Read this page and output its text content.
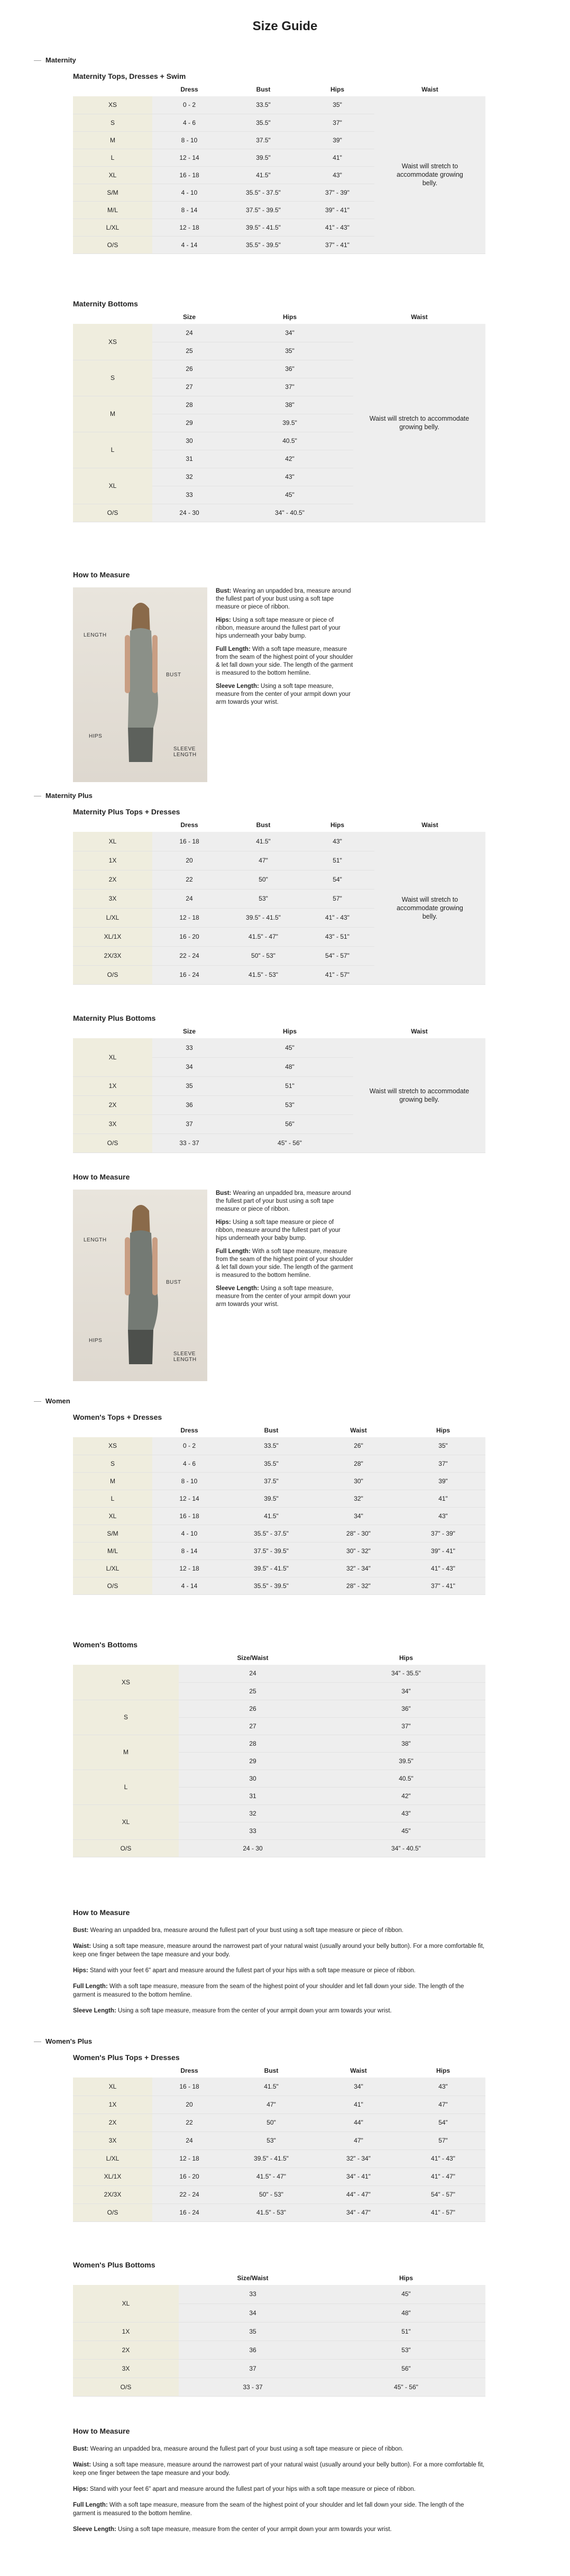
Size Guide
Maternity
Maternity Tops, Dresses + Swim
	Dress	Bust	Hips	Waist
XS	0 - 2	33.5"	35"	Waist will stretch to accommodate growing belly.
S	4 - 6	35.5"	37"	
M	8 - 10	37.5"	39"	
L	12 - 14	39.5"	41"	
XL	16 - 18	41.5"	43"	
S/M	4 - 10	35.5" - 37.5"	37" - 39"	
M/L	8 - 14	37.5" - 39.5"	39" - 41"	
L/XL	12 - 18	39.5" - 41.5"	41" - 43"	
O/S	4 - 14	35.5" - 39.5"	37" - 41"	
Maternity Bottoms
	Size	Hips	Waist
XS	24	34"	Waist will stretch to accommodate growing belly.
	25	35"	
S	26	36"	
	27	37"	
M	28	38"	
	29	39.5"	
L	30	40.5"	
	31	42"	
XL	32	43"	
	33	45"	
O/S	24 - 30	34" - 40.5"	
How to Measure
LENGTH
BUST
HIPS
SLEEVE LENGTH

Bust: Wearing an unpadded bra, measure around the fullest part of your bust using a soft tape measure or piece of ribbon.

Hips: Using a soft tape measure or piece of ribbon, measure around the fullest part of your hips underneath your baby bump.

Full Length: With a soft tape measure, measure from the seam of the highest point of your shoulder & let fall down your side. The length of the garment is measured to the bottom hemline.

Sleeve Length: Using a soft tape measure, measure from the center of your armpit down your arm towards your wrist.

Maternity Plus
Maternity Plus Tops + Dresses
	Dress	Bust	Hips	Waist
XL	16 - 18	41.5"	43"	Waist will stretch to accommodate growing belly.
1X	20	47"	51"	
2X	22	50"	54"	
3X	24	53"	57"	
L/XL	12 - 18	39.5" - 41.5"	41" - 43"	
XL/1X	16 - 20	41.5" - 47"	43" - 51"	
2X/3X	22 - 24	50" - 53"	54" - 57"	
O/S	16 - 24	41.5" - 53"	41" - 57"	
Maternity Plus Bottoms
	Size	Hips	Waist
XL	33	45"	Waist will stretch to accommodate growing belly.
	34	48"	
1X	35	51"	
2X	36	53"	
3X	37	56"	
O/S	33 - 37	45" - 56"	
How to Measure
LENGTH
BUST
HIPS
SLEEVE LENGTH

Bust: Wearing an unpadded bra, measure around the fullest part of your bust using a soft tape measure or piece of ribbon.

Hips: Using a soft tape measure or piece of ribbon, measure around the fullest part of your hips underneath your baby bump.

Full Length: With a soft tape measure, measure from the seam of the highest point of your shoulder & let fall down your side. The length of the garment is measured to the bottom hemline.

Sleeve Length: Using a soft tape measure, measure from the center of your armpit down your arm towards your wrist.

Women
Women's Tops + Dresses
	Dress	Bust	Waist	Hips
XS	0 - 2	33.5"	26"	35"
S	4 - 6	35.5"	28"	37"
M	8 - 10	37.5"	30"	39"
L	12 - 14	39.5"	32"	41"
XL	16 - 18	41.5"	34"	43"
S/M	4 - 10	35.5" - 37.5"	28" - 30"	37" - 39"
M/L	8 - 14	37.5" - 39.5"	30" - 32"	39" - 41"
L/XL	12 - 18	39.5" - 41.5"	32" - 34"	41" - 43"
O/S	4 - 14	35.5" - 39.5"	28" - 32"	37" - 41"
Women's Bottoms
	Size/Waist	Hips
XS	24	34" - 35.5"
	25	34"
S	26	36"
	27	37"
M	28	38"
	29	39.5"
L	30	40.5"
	31	42"
XL	32	43"
	33	45"
O/S	24 - 30	34" - 40.5"
How to Measure

Bust: Wearing an unpadded bra, measure around the fullest part of your bust using a soft tape measure or piece of ribbon.

Waist: Using a soft tape measure, measure around the narrowest part of your natural waist (usually around your belly button). For a more comfortable fit, keep one finger between the tape measure and your body.

Hips: Stand with your feet 6" apart and measure around the fullest part of your hips with a soft tape measure or piece of ribbon.

Full Length: With a soft tape measure, measure from the seam of the highest point of your shoulder and let fall down your side. The length of the garment is measured to the bottom hemline.

Sleeve Length: Using a soft tape measure, measure from the center of your armpit down your arm towards your wrist.

Women's Plus
Women's Plus Tops + Dresses
	Dress	Bust	Waist	Hips
XL	16 - 18	41.5"	34"	43"
1X	20	47"	41"	47"
2X	22	50"	44"	54"
3X	24	53"	47"	57"
L/XL	12 - 18	39.5" - 41.5"	32" - 34"	41" - 43"
XL/1X	16 - 20	41.5" - 47"	34" - 41"	41" - 47"
2X/3X	22 - 24	50" - 53"	44" - 47"	54" - 57"
O/S	16 - 24	41.5" - 53"	34" - 47"	41" - 57"
Women's Plus Bottoms
	Size/Waist	Hips
XL	33	45"
	34	48"
1X	35	51"
2X	36	53"
3X	37	56"
O/S	33 - 37	45" - 56"
How to Measure

Bust: Wearing an unpadded bra, measure around the fullest part of your bust using a soft tape measure or piece of ribbon.

Waist: Using a soft tape measure, measure around the narrowest part of your natural waist (usually around your belly button). For a more comfortable fit, keep one finger between the tape measure and your body.

Hips: Stand with your feet 6" apart and measure around the fullest part of your hips with a soft tape measure or piece of ribbon.

Full Length: With a soft tape measure, measure from the seam of the highest point of your shoulder and let fall down your side. The length of the garment is measured to the bottom hemline.

Sleeve Length: Using a soft tape measure, measure from the center of your armpit down your arm towards your wrist.
